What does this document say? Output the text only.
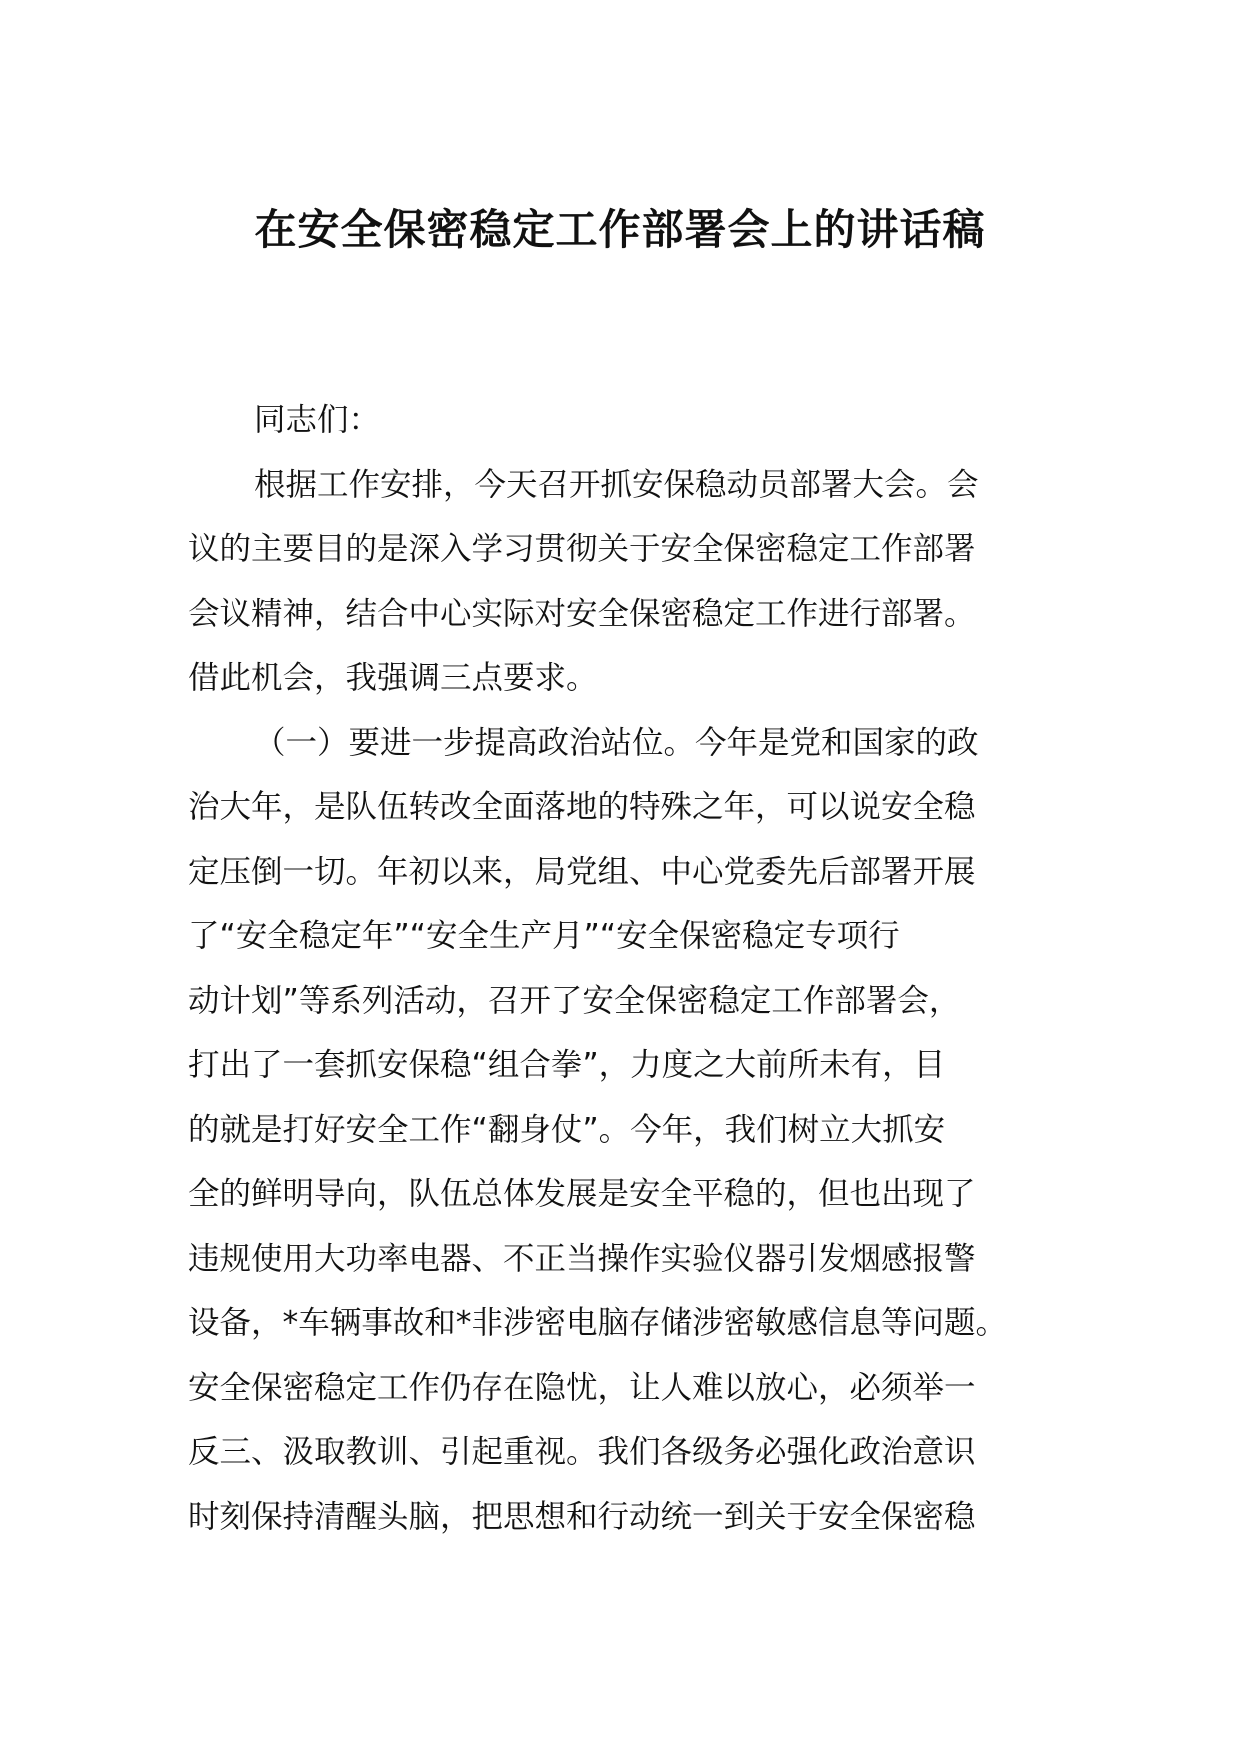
在安全保密稳定工作部署会上的讲话稿
同志们：
根据工作安排，今天召开抓安保稳动员部署大会。会
议的主要目的是深入学习贯彻关于安全保密稳定工作部署
会议精神，结合中心实际对安全保密稳定工作进行部署。
借此机会，我强调三点要求。
（一）要进一步提高政治站位。今年是党和国家的政
治大年，是队伍转改全面落地的特殊之年，可以说安全稳
定压倒一切。年初以来，局党组、中心党委先后部署开展
了“安全稳定年”“安全生产月”“安全保密稳定专项行
动计划”等系列活动，召开了安全保密稳定工作部署会，
打出了一套抓安保稳“组合拳”，力度之大前所未有，目
的就是打好安全工作“翻身仗”。今年，我们树立大抓安
全的鲜明导向，队伍总体发展是安全平稳的，但也出现了
违规使用大功率电器、不正当操作实验仪器引发烟感报警
设备，*车辆事故和*非涉密电脑存储涉密敏感信息等问题。
安全保密稳定工作仍存在隐忧，让人难以放心，必须举一
反三、汲取教训、引起重视。我们各级务必强化政治意识
时刻保持清醒头脑，把思想和行动统一到关于安全保密稳
